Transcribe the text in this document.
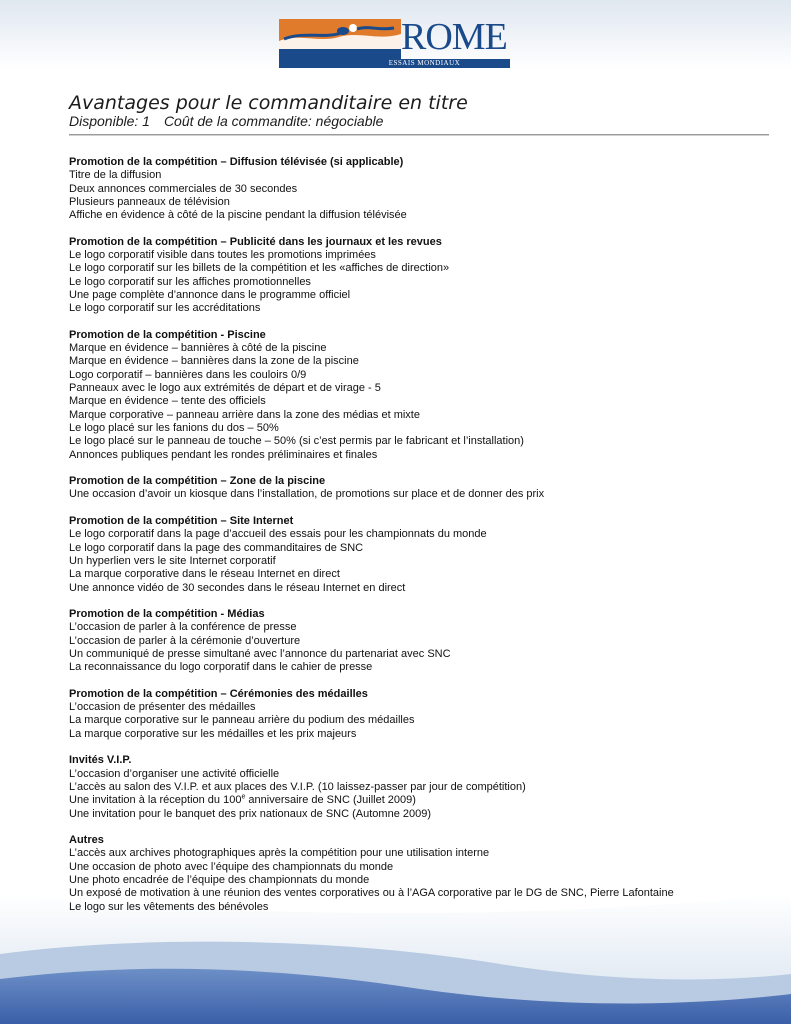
ROME
ESSAIS MONDIAUX
Avantages pour le commanditaire en titre
Disponible: 1 Coût de la commandite: négociable
Promotion de la compétition – Diffusion télévisée (si applicable)
Titre de la diffusion
Deux annonces commerciales de 30 secondes
Plusieurs panneaux de télévision
Affiche en évidence à côté de la piscine pendant la diffusion télévisée
Promotion de la compétition – Publicité dans les journaux et les revues
Le logo corporatif visible dans toutes les promotions imprimées
Le logo corporatif sur les billets de la compétition et les «affiches de direction»
Le logo corporatif sur les affiches promotionnelles
Une page complète d’annonce dans le programme officiel
Le logo corporatif sur les accréditations
Promotion de la compétition - Piscine
Marque en évidence – bannières à côté de la piscine
Marque en évidence – bannières dans la zone de la piscine
Logo corporatif – bannières dans les couloirs 0/9
Panneaux avec le logo aux extrémités de départ et de virage - 5
Marque en évidence – tente des officiels
Marque corporative – panneau arrière dans la zone des médias et mixte
Le logo placé sur les fanions du dos – 50%
Le logo placé sur le panneau de touche – 50% (si c’est permis par le fabricant et l’installation)
Annonces publiques pendant les rondes préliminaires et finales
Promotion de la compétition – Zone de la piscine
Une occasion d’avoir un kiosque dans l’installation, de promotions sur place et de donner des prix
Promotion de la compétition – Site Internet
Le logo corporatif dans la page d’accueil des essais pour les championnats du monde
Le logo corporatif dans la page des commanditaires de SNC
Un hyperlien vers le site Internet corporatif
La marque corporative dans le réseau Internet en direct
Une annonce vidéo de 30 secondes dans le réseau Internet en direct
Promotion de la compétition - Médias
L’occasion de parler à la conférence de presse
L’occasion de parler à la cérémonie d’ouverture
Un communiqué de presse simultané avec l’annonce du partenariat avec SNC
La reconnaissance du logo corporatif dans le cahier de presse
Promotion de la compétition – Cérémonies des médailles
L’occasion de présenter des médailles
La marque corporative sur le panneau arrière du podium des médailles
La marque corporative sur les médailles et les prix majeurs
Invités V.I.P.
L’occasion d’organiser une activité officielle
L’accès au salon des V.I.P. et aux places des V.I.P. (10 laissez-passer par jour de compétition)
Une invitation à la réception du 100e anniversaire de SNC (Juillet 2009)
Une invitation pour le banquet des prix nationaux de SNC (Automne 2009)
Autres
L’accès aux archives photographiques après la compétition pour une utilisation interne
Une occasion de photo avec l’équipe des championnats du monde
Une photo encadrée de l’équipe des championnats du monde
Un exposé de motivation à une réunion des ventes corporatives ou à l’AGA corporative par le DG de SNC, Pierre Lafontaine
Le logo sur les vêtements des bénévoles
